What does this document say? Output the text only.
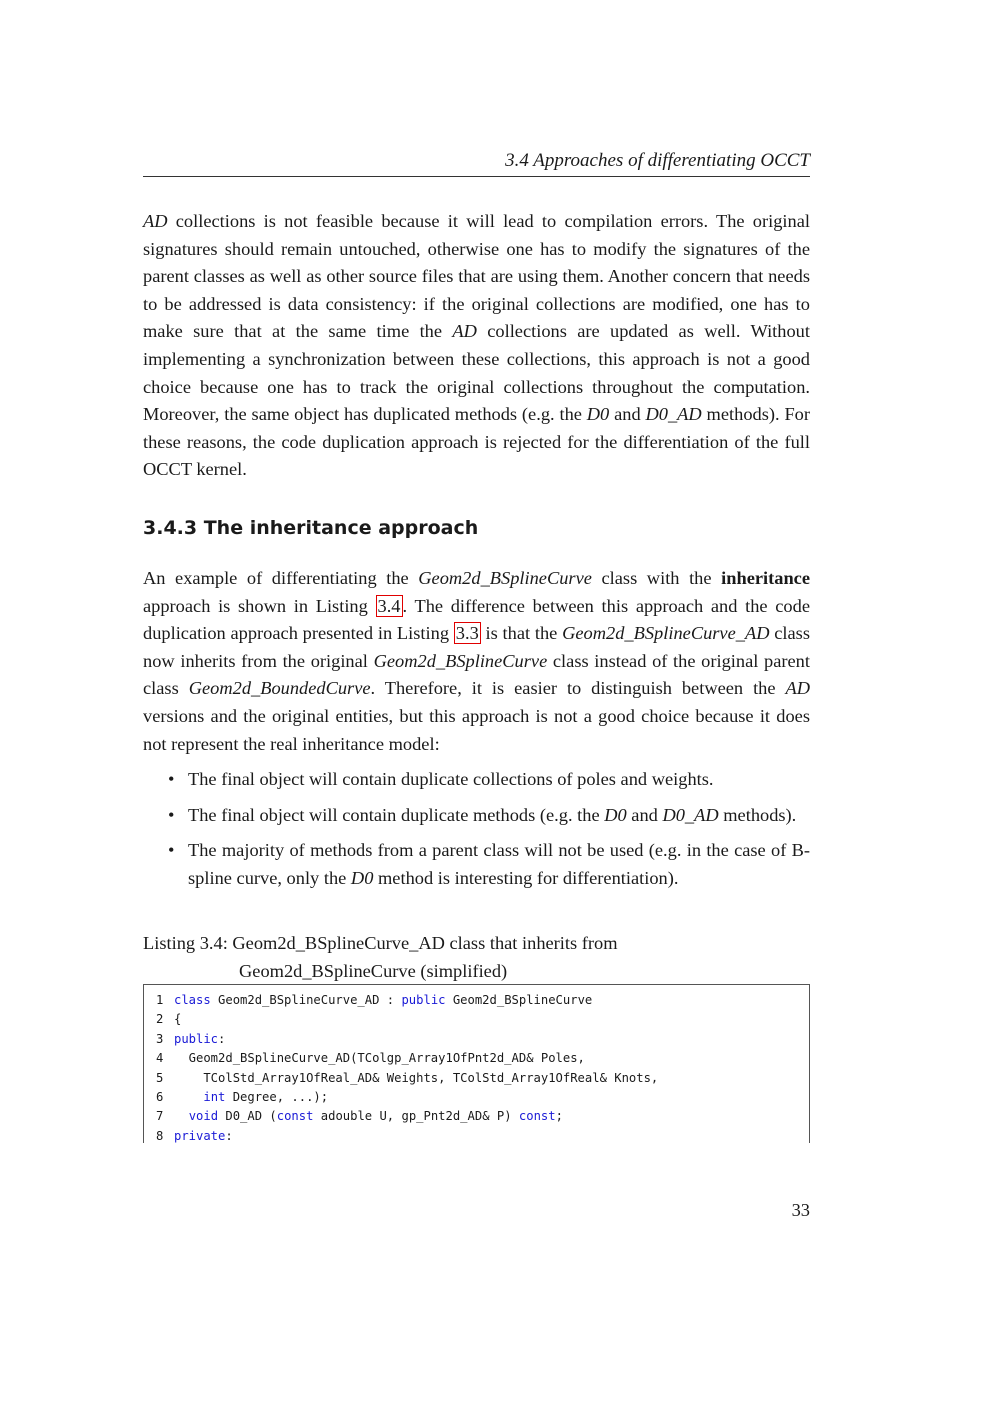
3.4 Approaches of differentiating OCCT

AD collections is not feasible because it will lead to compilation errors. The original signatures should remain untouched, otherwise one has to modify the signatures of the parent classes as well as other source files that are using them. Another concern that needs to be addressed is data consistency: if the original collections are modified, one has to make sure that at the same time the AD collections are updated as well. Without implementing a synchronization between these collections, this approach is not a good choice because one has to track the original collections throughout the computation. Moreover, the same object has duplicated methods (e.g. the D0 and D0_AD methods). For these reasons, the code duplication approach is rejected for the differentiation of the full OCCT kernel.

3.4.3 The inheritance approach

An example of differentiating the Geom2d_BSplineCurve class with the inheritance approach is shown in Listing 3.4 . The difference between this approach and the code duplication approach presented in Listing 3.3 is that the Geom2d_BSplineCurve_AD class now inherits from the original Geom2d_BSplineCurve class instead of the original parent class Geom2d_BoundedCurve. Therefore, it is easier to distinguish between the AD versions and the original entities, but this approach is not a good choice because it does not represent the real inheritance model:

• The final object will contain duplicate collections of poles and weights.
• The final object will contain duplicate methods (e.g. the D0 and D0_AD methods).
• The majority of methods from a parent class will not be used (e.g. in the case of B-spline curve, only the D0 method is interesting for differentiation).
Listing 3.4: Geom2d_BSplineCurve_AD class that inherits from
Geom2d_BSplineCurve (simplified)
1 class Geom2d_BSplineCurve_AD : public Geom2d_BSplineCurve
2 {
3 public:
4  Geom2d_BSplineCurve_AD(TColgp_Array1OfPnt2d_AD& Poles,
5    TColStd_Array1OfReal_AD& Weights, TColStd_Array1OfReal& Knots,
6	int Degree, ...);
7 void D0_AD (const adouble U, gp_Pnt2d_AD& P) const;
8 private:
33
